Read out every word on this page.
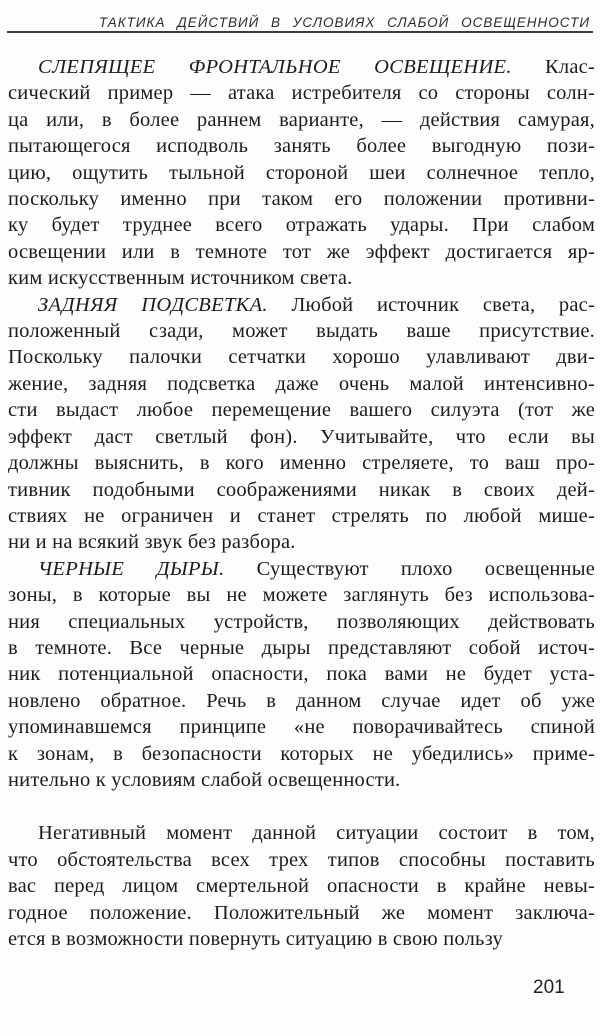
ТАКТИКА ДЕЙСТВИЙ В УСЛОВИЯХ СЛАБОЙ ОСВЕЩЕННОСТИ
СЛЕПЯЩЕЕ ФРОНТАЛЬНОЕ ОСВЕЩЕНИЕ. Клас-
сический пример — атака истребителя со стороны солн-
ца или, в более раннем варианте, — действия самурая,
пытающегося исподволь занять более выгодную пози-
цию, ощутить тыльной стороной шеи солнечное тепло,
поскольку именно при таком его положении противни-
ку будет труднее всего отражать удары. При слабом
освещении или в темноте тот же эффект достигается яр-
ким искусственным источником света.
ЗАДНЯЯ ПОДСВЕТКА. Любой источник света, рас-
положенный сзади, может выдать ваше присутствие.
Поскольку палочки сетчатки хорошо улавливают дви-
жение, задняя подсветка даже очень малой интенсивно-
сти выдаст любое перемещение вашего силуэта (тот же
эффект даст светлый фон). Учитывайте, что если вы
должны выяснить, в кого именно стреляете, то ваш про-
тивник подобными соображениями никак в своих дей-
ствиях не ограничен и станет стрелять по любой мише-
ни и на всякий звук без разбора.
ЧЕРНЫЕ ДЫРЫ. Существуют плохо освещенные
зоны, в которые вы не можете заглянуть без использова-
ния специальных устройств, позволяющих действовать
в темноте. Все черные дыры представляют собой источ-
ник потенциальной опасности, пока вами не будет уста-
новлено обратное. Речь в данном случае идет об уже
упоминавшемся принципе «не поворачивайтесь спиной
к зонам, в безопасности которых не убедились» приме-
нительно к условиям слабой освещенности.
Негативный момент данной ситуации состоит в том,
что обстоятельства всех трех типов способны поставить
вас перед лицом смертельной опасности в крайне невы-
годное положение. Положительный же момент заключа-
ется в возможности повернуть ситуацию в свою пользу
201
